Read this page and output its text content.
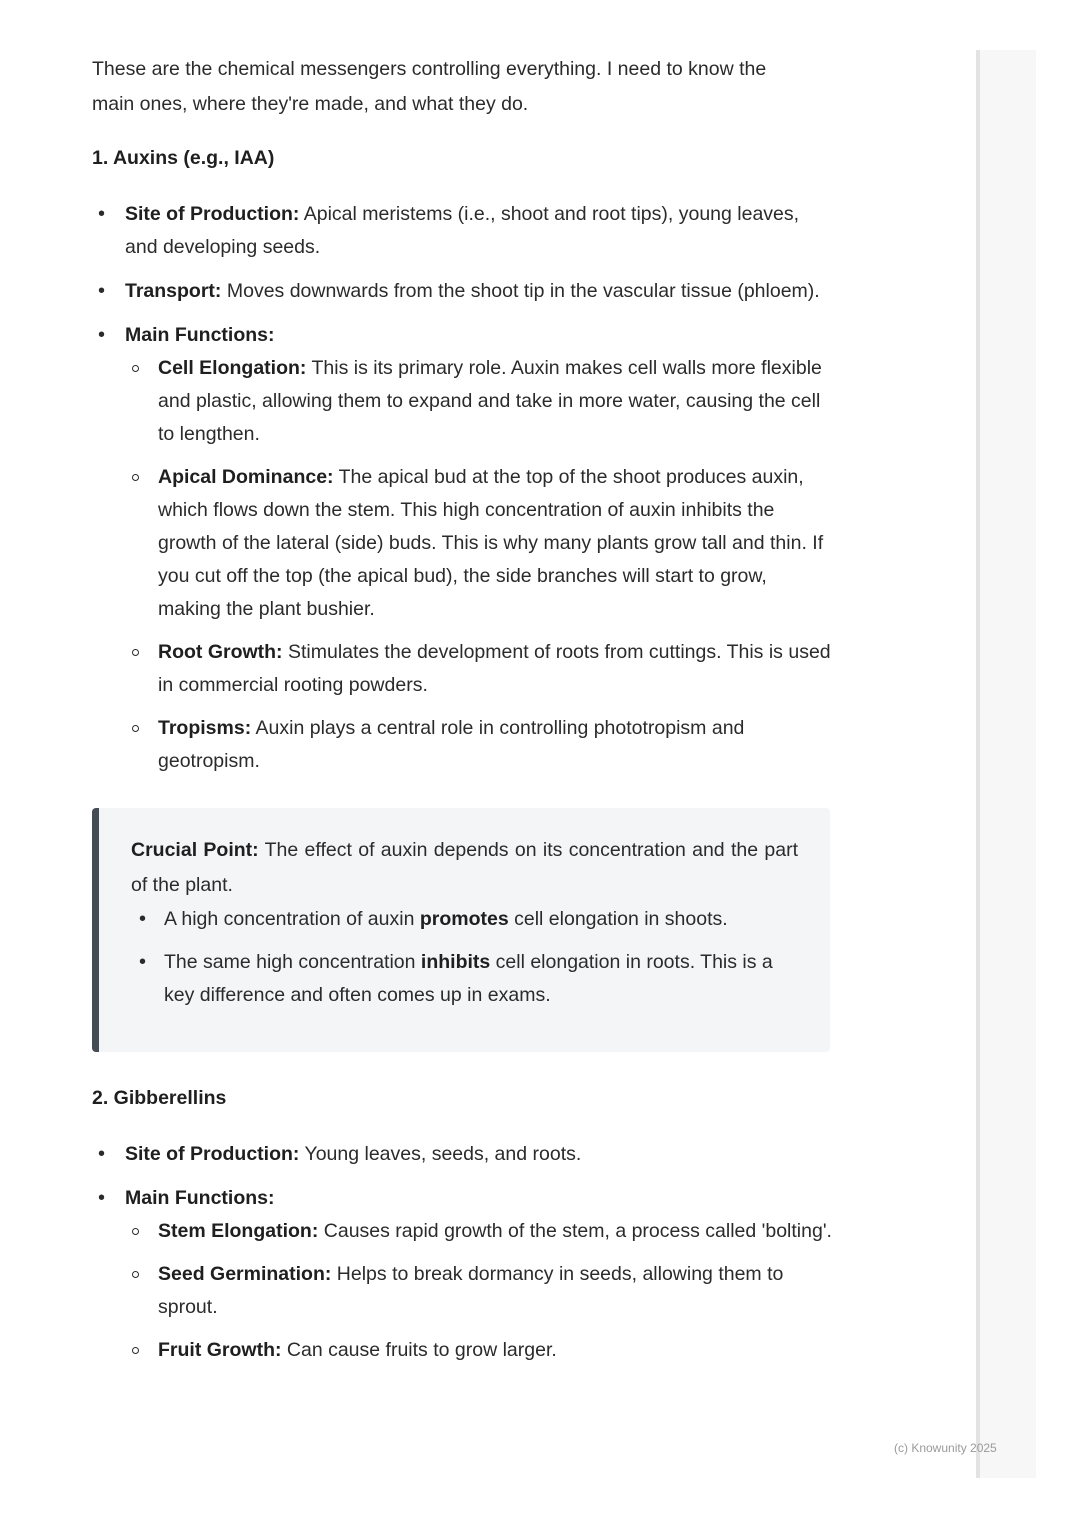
These are the chemical messengers controlling everything. I need to know the
main ones, where they're made, and what they do.

1. Auxins (e.g., IAA)

• Site of Production: Apical meristems (i.e., shoot and root tips), young leaves, and developing seeds.
• Transport: Moves downwards from the shoot tip in the vascular tissue (phloem).
• Main Functions:
Cell Elongation: This is its primary role. Auxin makes cell walls more flexible and plastic, allowing them to expand and take in more water, causing the cell to lengthen.
Apical Dominance: The apical bud at the top of the shoot produces auxin, which flows down the stem. This high concentration of auxin inhibits the growth of the lateral (side) buds. This is why many plants grow tall and thin. If you cut off the top (the apical bud), the side branches will start to grow, making the plant bushier.
Root Growth: Stimulates the development of roots from cuttings. This is used in commercial rooting powders.
Tropisms: Auxin plays a central role in controlling phototropism and geotropism.

Crucial Point: The effect of auxin depends on its concentration and the part of the plant.

• A high concentration of auxin promotes cell elongation in shoots.
• The same high concentration inhibits cell elongation in roots. This is a key difference and often comes up in exams.

2. Gibberellins

• Site of Production: Young leaves, seeds, and roots.
• Main Functions:
Stem Elongation: Causes rapid growth of the stem, a process called 'bolting'.
Seed Germination: Helps to break dormancy in seeds, allowing them to sprout.
Fruit Growth: Can cause fruits to grow larger.
(c) Knowunity 2025
